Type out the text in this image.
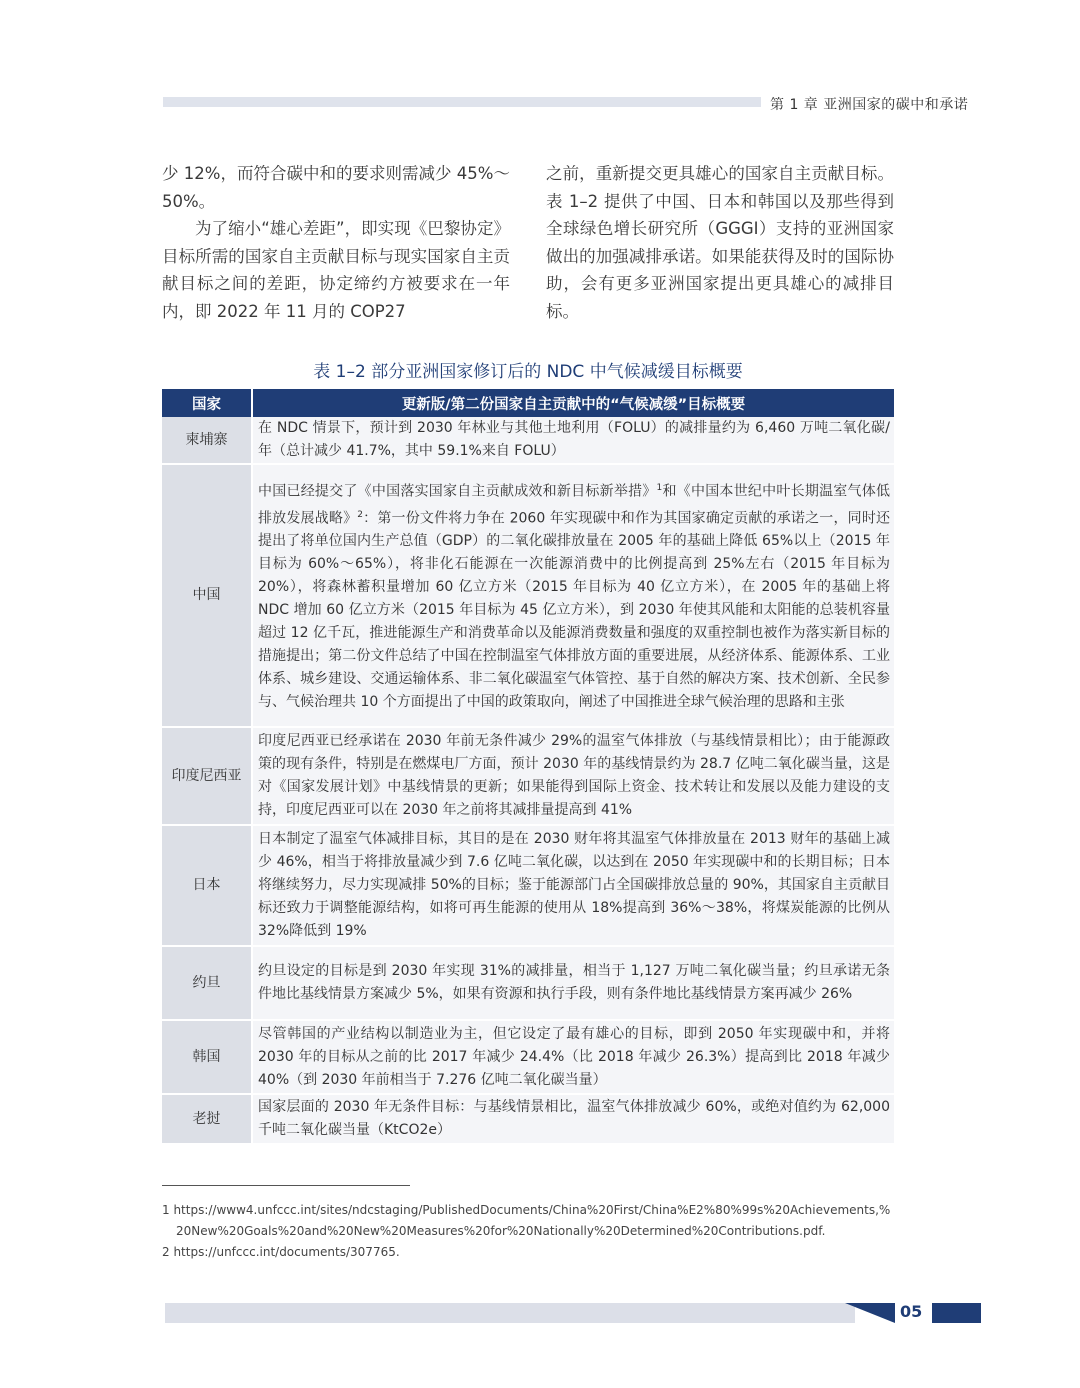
第 1 章 亚洲国家的碳中和承诺

少 12%，而符合碳中和的要求则需减少 45%～50%。

为了缩小“雄心差距”，即实现《巴黎协定》目标所需的国家自主贡献目标与现实国家自主贡献目标之间的差距，协定缔约方被要求在一年内，即 2022 年 11 月的 COP27

之前，重新提交更具雄心的国家自主贡献目标。表 1–2 提供了中国、日本和韩国以及那些得到全球绿色增长研究所（GGGI）支持的亚洲国家做出的加强减排承诺。如果能获得及时的国际协助，会有更多亚洲国家提出更具雄心的减排目标。

表 1–2 部分亚洲国家修订后的 NDC 中气候减缓目标概要
国家	更新版/第二份国家自主贡献中的“气候减缓”目标概要
柬埔寨	在 NDC 情景下，预计到 2030 年林业与其他土地利用（FOLU）的减排量约为 6,460 万吨二氧化碳/年（总计减少 41.7%，其中 59.1%来自 FOLU）
中国	中国已经提交了《中国落实国家自主贡献成效和新目标新举措》$^1$和《中国本世纪中叶长期温室气体低排放发展战略》$^2$：第一份文件将力争在 2060 年实现碳中和作为其国家确定贡献的承诺之一，同时还提出了将单位国内生产总值（GDP）的二氧化碳排放量在 2005 年的基础上降低 65%以上（2015 年目标为 60%～65%），将非化石能源在一次能源消费中的比例提高到 25%左右（2015 年目标为 20%），将森林蓄积量增加 60 亿立方米（2015 年目标为 40 亿立方米），在 2005 年的基础上将 NDC 增加 60 亿立方米（2015 年目标为 45 亿立方米），到 2030 年使其风能和太阳能的总装机容量超过 12 亿千瓦，推进能源生产和消费革命以及能源消费数量和强度的双重控制也被作为落实新目标的措施提出；第二份文件总结了中国在控制温室气体排放方面的重要进展，从经济体系、能源体系、工业体系、城乡建设、交通运输体系、非二氧化碳温室气体管控、基于自然的解决方案、技术创新、全民参与、气候治理共 10 个方面提出了中国的政策取向，阐述了中国推进全球气候治理的思路和主张
印度尼西亚	印度尼西亚已经承诺在 2030 年前无条件减少 29%的温室气体排放（与基线情景相比）；由于能源政策的现有条件，特别是在燃煤电厂方面，预计 2030 年的基线情景约为 28.7 亿吨二氧化碳当量，这是对《国家发展计划》中基线情景的更新；如果能得到国际上资金、技术转让和发展以及能力建设的支持，印度尼西亚可以在 2030 年之前将其减排量提高到 41%
日本	日本制定了温室气体减排目标，其目的是在 2030 财年将其温室气体排放量在 2013 财年的基础上减少 46%，相当于将排放量减少到 7.6 亿吨二氧化碳，以达到在 2050 年实现碳中和的长期目标；日本将继续努力，尽力实现减排 50%的目标；鉴于能源部门占全国碳排放总量的 90%，其国家自主贡献目标还致力于调整能源结构，如将可再生能源的使用从 18%提高到 36%～38%，将煤炭能源的比例从 32%降低到 19%
约旦	约旦设定的目标是到 2030 年实现 31%的减排量，相当于 1,127 万吨二氧化碳当量；约旦承诺无条件地比基线情景方案减少 5%，如果有资源和执行手段，则有条件地比基线情景方案再减少 26%
韩国	尽管韩国的产业结构以制造业为主，但它设定了最有雄心的目标，即到 2050 年实现碳中和，并将 2030 年的目标从之前的比 2017 年减少 24.4%（比 2018 年减少 26.3%）提高到比 2018 年减少 40%（到 2030 年前相当于 7.276 亿吨二氧化碳当量）
老挝	国家层面的 2030 年无条件目标：与基线情景相比，温室气体排放减少 60%，或绝对值约为 62,000 千吨二氧化碳当量（KtCO2e）
1 https://www4.unfccc.int/sites/ndcstaging/PublishedDocuments/China%20First/China%E2%80%99s%20Achievements,%20New%20Goals%20and%20New%20Measures%20for%20Nationally%20Determined%20Contributions.pdf.
2 https://unfccc.int/documents/307765.
05
